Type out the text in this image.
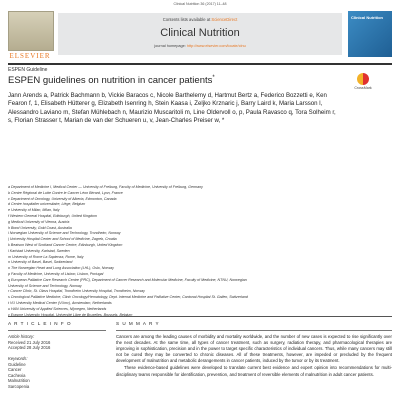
Clinical Nutrition 36 (2017) 11–48
ELSEVIER
Contents lists available at ScienceDirect
Clinical Nutrition
journal homepage: http://www.elsevier.com/locate/clnu
Clinical Nutrition
ESPEN Guideline
ESPEN guidelines on nutrition in cancer patients*
CrossMark
Jann Arends a, Patrick Bachmann b, Vickie Baracos c, Nicole Barthelemy d, Hartmut Bertz a, Federico Bozzetti e, Ken Fearon f, 1, Elisabeth Hütterer g, Elizabeth Isenring h, Stein Kaasa i, Zeljko Krznaric j, Barry Laird k, Maria Larsson l, Alessandro Laviano m, Stefan Mühlebach n, Maurizio Muscaritoli m, Line Oldervoll o, p, Paula Ravasco q, Tora Solheim r, s, Florian Strasser t, Marian de van der Schueren u, v, Jean-Charles Preiser w, *
a Department of Medicine I, Medical Center — University of Freiburg, Faculty of Medicine, University of Freiburg, Germany
b Centre Régional de Lutte Contre le Cancer Léon Bérard, Lyon, France
c Department of Oncology, University of Alberta, Edmonton, Canada
d Centre hospitalier universitaire, Liège, Belgium
e University of Milan, Milan, Italy
f Western General Hospital, Edinburgh, United Kingdom
g Medical University of Vienna, Austria
h Bond University, Gold Coast, Australia
i Norwegian University of Science and Technology, Trondheim, Norway
j University Hospital Center and School of Medicine, Zagreb, Croatia
k Beatson West of Scotland Cancer Centre, Edinburgh, United Kingdom
l Karlstad University, Karlstad, Sweden
m University of Rome La Sapienza, Rome, Italy
n University of Basel, Basel, Switzerland
o The Norwegian Heart and Lung Association (LHL), Oslo, Norway
p Faculty of Medicine, University of Lisbon, Lisbon, Portugal
q European Palliative Care Research Centre (PRC), Department of Cancer Research and Molecular Medicine, Faculty of Medicine, NTNU, Norwegian
University of Science and Technology, Norway
r Cancer Clinic, St. Olavs Hospital, Trondheim University Hospital, Trondheim, Norway
s Oncological Palliative Medicine, Clinic Oncology/Hematology, Dept. Internal Medicine and Palliative Center, Cantonal Hospital St. Gallen, Switzerland
t VU University Medical Center (VUmc), Amsterdam, Netherlands
u HAN University of Applied Sciences, Nijmegen, Netherlands
v Erasme University Hospital, Université Libre de Bruxelles, Brussels, Belgium
A R T I C L E I N F O
Article history:
Received 21 July 2016
Accepted 28 July 2016
Keywords:
Guideline
Cancer
Cachexia
Malnutrition
Sarcopenia
S U M M A R Y

Cancers are among the leading causes of morbidity and mortality worldwide, and the number of new cases is expected to rise significantly over the next decades. At the same time, all types of cancer treatment, such as surgery, radiation therapy, and pharmacological therapies are improving in sophistication, precision and in the power to target specific characteristics of individual cancers. Thus, while many cancers may still not be cured they may be converted to chronic diseases. All of these treatments, however, are impeded or precluded by the frequent development of malnutrition and metabolic derangements in cancer patients, induced by the tumor or by its treatment.

These evidence-based guidelines were developed to translate current best evidence and expert opinion into recommendations for multi-disciplinary teams responsible for identification, prevention, and treatment of reversible elements of malnutrition in adult cancer patients.
